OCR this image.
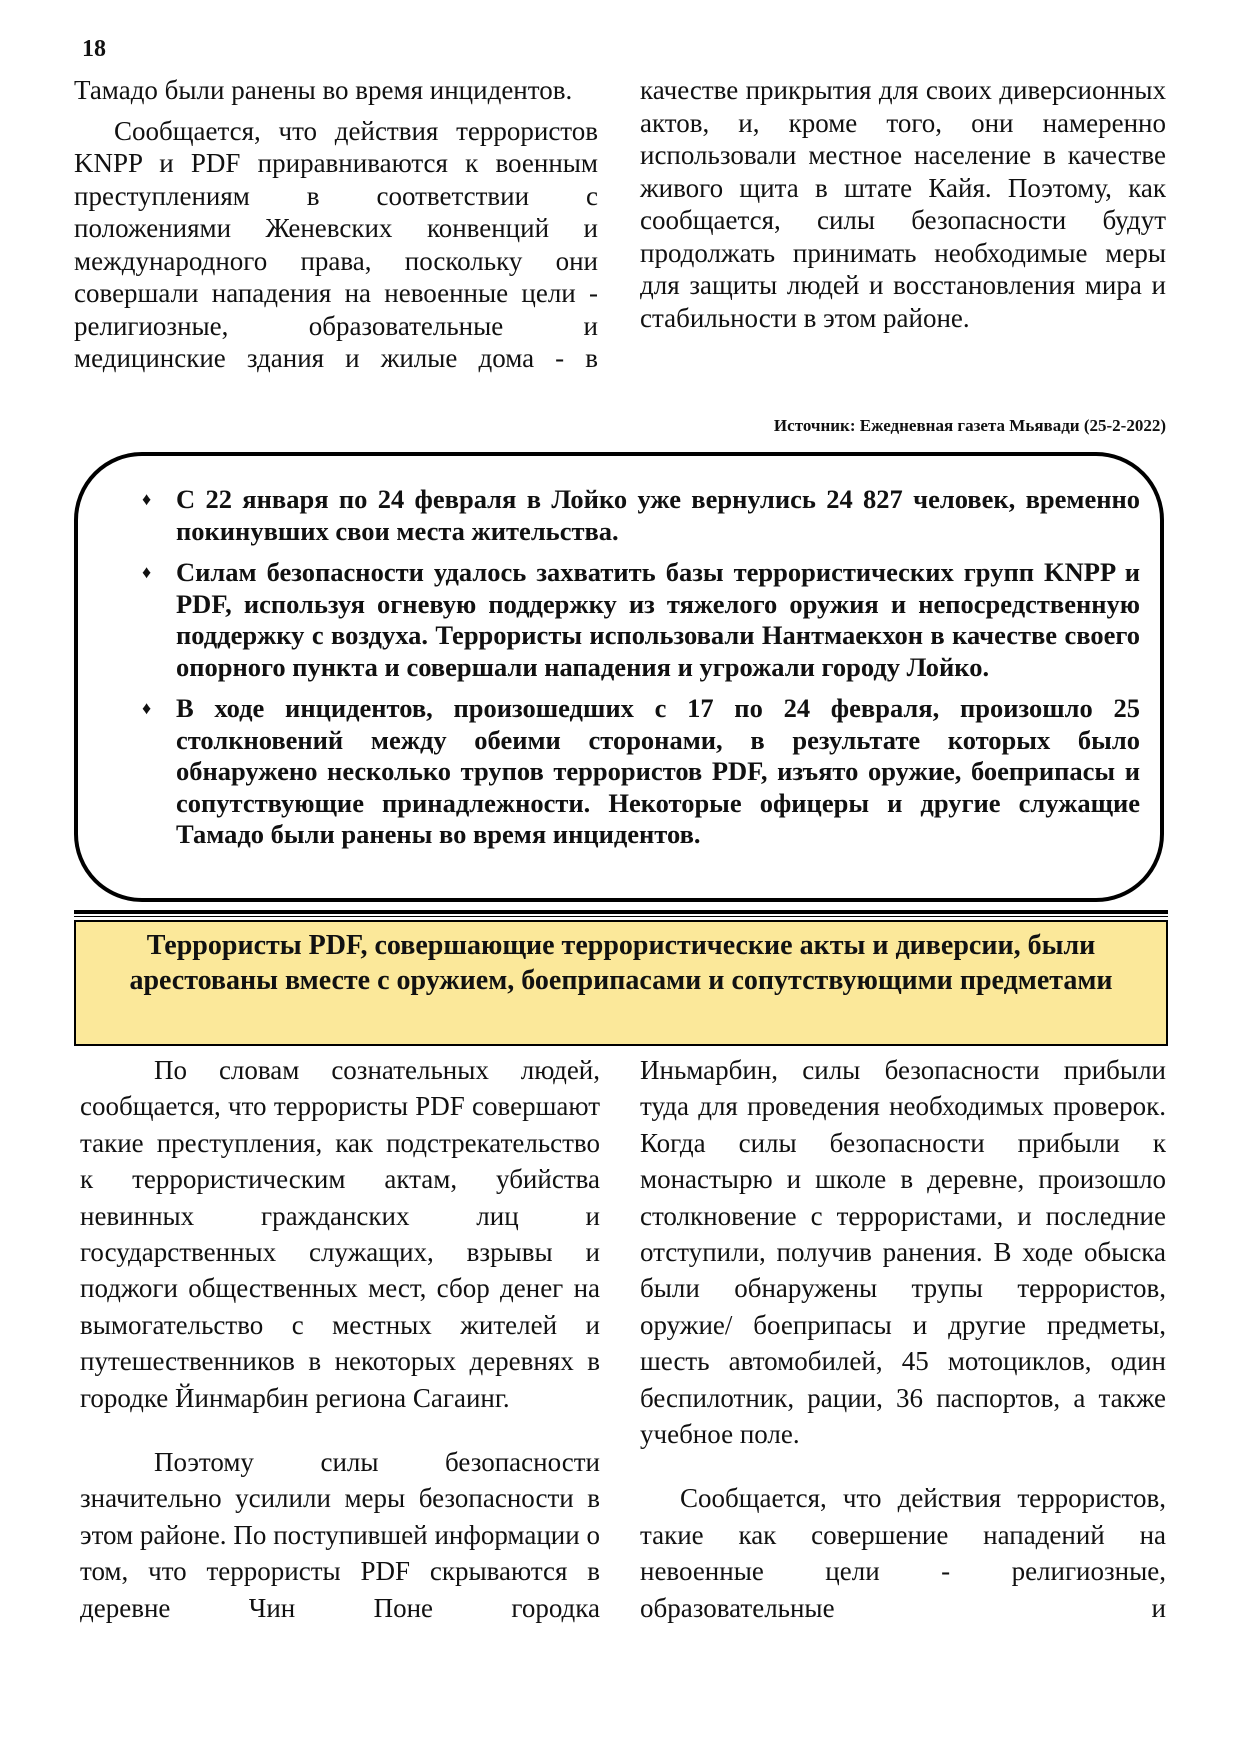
18

Тамадо были ранены во время инцидентов.

Сообщается, что действия террористов KNPP и PDF приравниваются к военным преступлениям в соответствии с положениями Женевских конвенций и международного права, поскольку они совершали нападения на невоенные цели - религиозные, образовательные и медицинские здания и жилые дома - в

качестве прикрытия для своих диверсионных актов, и, кроме того, они намеренно использовали местное население в качестве живого щита в штате Кайя. Поэтому, как сообщается, силы безопасности будут продолжать принимать необходимые меры для защиты людей и восстановления мира и стабильности в этом районе.

Источник: Ежедневная газета Мьявади (25-2-2022)
♦ С 22 января по 24 февраля в Лойко уже вернулись 24 827 человек, временно покинувших свои места жительства.
♦ Силам безопасности удалось захватить базы террористических групп KNPP и PDF, используя огневую поддержку из тяжелого оружия и непосредственную поддержку с воздуха. Террористы использовали Нантмаекхон в качестве своего опорного пункта и совершали нападения и угрожали городу Лойко.
♦ В ходе инцидентов, произошедших с 17 по 24 февраля, произошло 25 столкновений между обеими сторонами, в результате которых было обнаружено несколько трупов террористов PDF, изъято оружие, боеприпасы и сопутствующие принадлежности. Некоторые офицеры и другие служащие Тамадо были ранены во время инцидентов.
Террористы PDF, совершающие террористические акты и диверсии, были арестованы вместе с оружием, боеприпасами и сопутствующими предметами

По словам сознательных людей, сообщается, что террористы PDF совершают такие преступления, как подстрекательство к террористическим актам, убийства невинных гражданских лиц и государственных служащих, взрывы и поджоги общественных мест, сбор денег на вымогательство с местных жителей и путешественников в некоторых деревнях в городке Йинмарбин региона Сагаинг.

Поэтому силы безопасности значительно усилили меры безопасности в этом районе. По поступившей информации о том, что террористы PDF скрываются в деревне Чин Поне городка

Иньмарбин, силы безопасности прибыли туда для проведения необходимых проверок. Когда силы безопасности прибыли к монастырю и школе в деревне, произошло столкновение с террористами, и последние отступили, получив ранения. В ходе обыска были обнаружены трупы террористов, оружие/ боеприпасы и другие предметы, шесть автомобилей, 45 мотоциклов, один беспилотник, рации, 36 паспортов, а также учебное поле.

Сообщается, что действия террористов, такие как совершение нападений на невоенные цели - религиозные, образовательные и
